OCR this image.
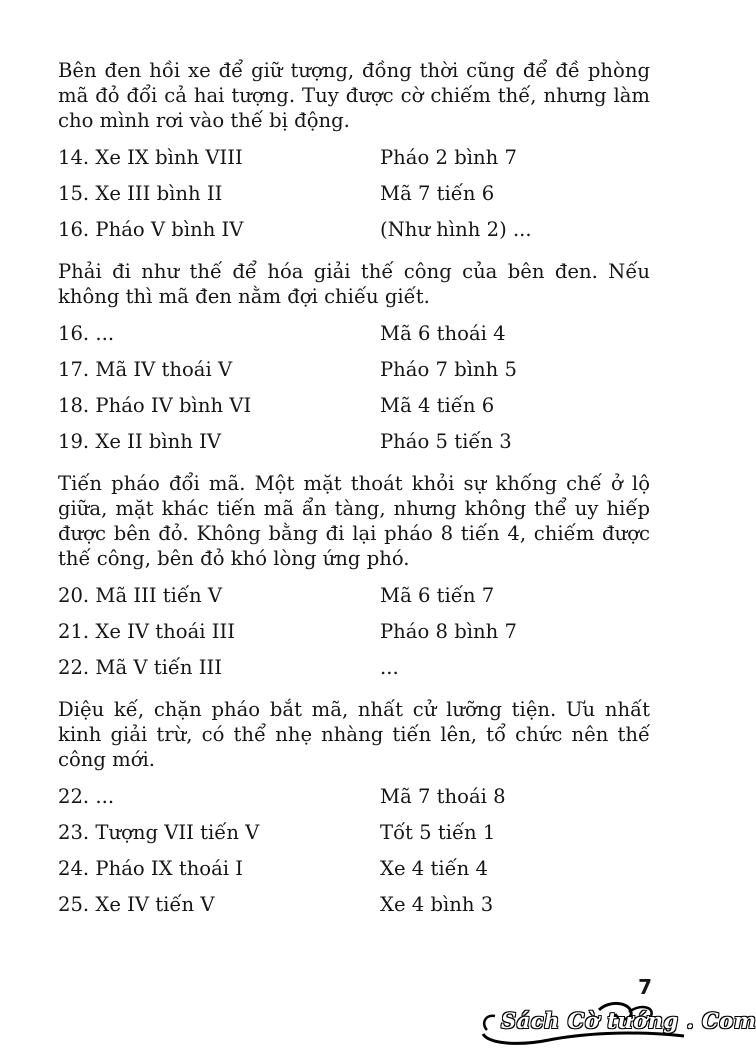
Bên đen hồi xe để giữ tượng, đồng thời cũng để đề phòng mã đỏ đổi cả hai tượng. Tuy được cờ chiếm thế, nhưng làm cho mình rơi vào thế bị động.

14. Xe IX bình VIII	Pháo 2 bình 7
15. Xe III bình II	Mã 7 tiến 6
16. Pháo V bình IV	(Như hình 2) ...

Phải đi như thế để hóa giải thế công của bên đen. Nếu không thì mã đen nằm đợi chiếu giết.

16. ...	Mã 6 thoái 4
17. Mã IV thoái V	Pháo 7 bình 5
18. Pháo IV bình VI	Mã 4 tiến 6
19. Xe II bình IV	Pháo 5 tiến 3

Tiến pháo đổi mã. Một mặt thoát khỏi sự khống chế ở lộ giữa, mặt khác tiến mã ẩn tàng, nhưng không thể uy hiếp được bên đỏ. Không bằng đi lại pháo 8 tiến 4, chiếm được thế công, bên đỏ khó lòng ứng phó.

20. Mã III tiến V	Mã 6 tiến 7
21. Xe IV thoái III	Pháo 8 bình 7
22. Mã V tiến III	...

Diệu kế, chặn pháo bắt mã, nhất cử lưỡng tiện. Ưu nhất kinh giải trừ, có thể nhẹ nhàng tiến lên, tổ chức nên thế công mới.

22. ...	Mã 7 thoái 8
23. Tượng VII tiến V	Tốt 5 tiến 1
24. Pháo IX thoái I	Xe 4 tiến 4
25. Xe IV tiến V	Xe 4 bình 3
7
Sách Cờ tướng . Com
